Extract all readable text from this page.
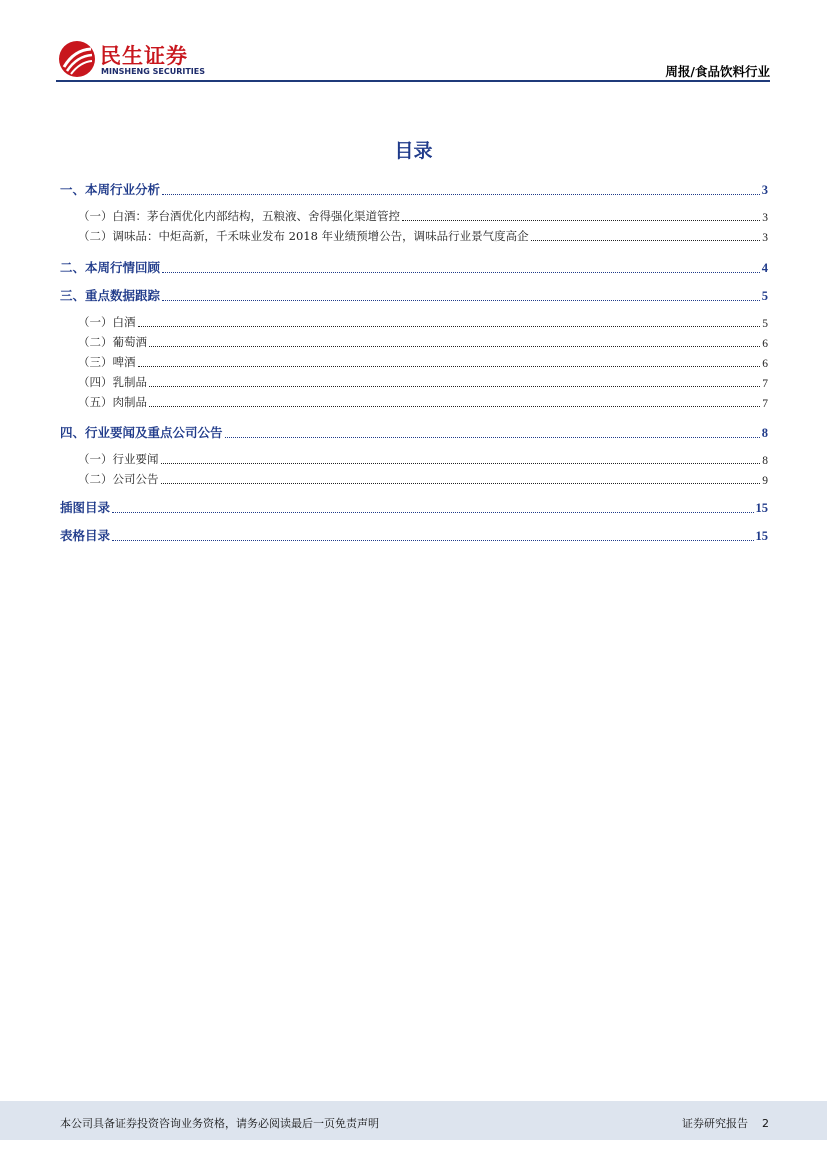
民生证券
MINSHENG SECURITIES	周报/食品饮料行业
目录
一、本周行业分析	3
（一）白酒：茅台酒优化内部结构，五粮液、舍得强化渠道管控	3
（二）调味品：中炬高新，千禾味业发布 2018 年业绩预增公告，调味品行业景气度高企	3
二、本周行情回顾	4
三、重点数据跟踪	5
（一）白酒	5
（二）葡萄酒	6
（三）啤酒	6
（四）乳制品	7
（五）肉制品	7
四、行业要闻及重点公司公告	8
（一）行业要闻	8
（二）公司公告	9
插图目录	15
表格目录	15
本公司具备证券投资咨询业务资格，请务必阅读最后一页免责声明	证券研究报告 2
